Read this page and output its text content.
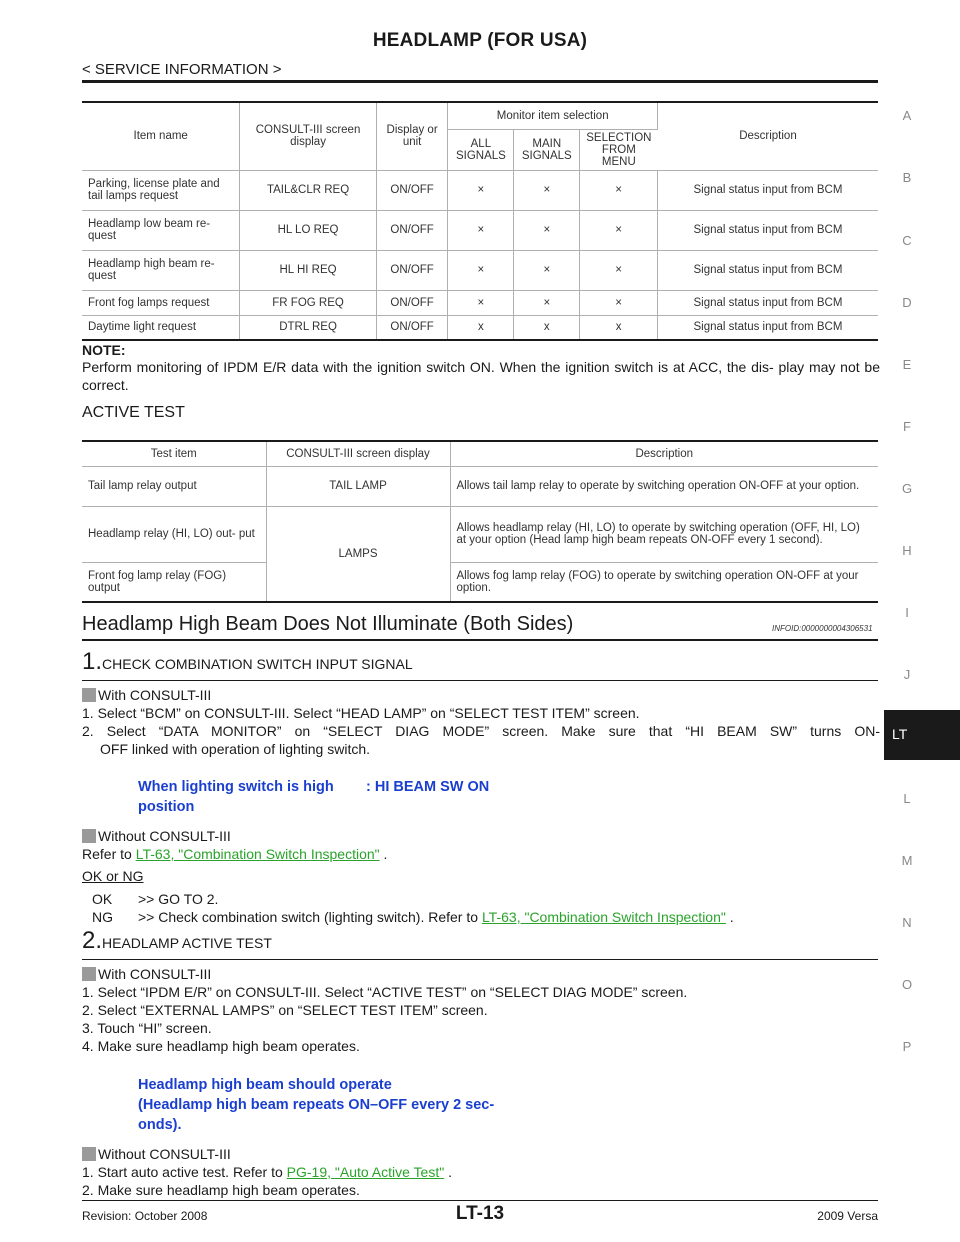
HEADLAMP (FOR USA)
< SERVICE INFORMATION >
A
B
C
D
E
F
G
H
I
J
LT
L
M
N
O
P
Item name	CONSULT-III screen display	Display or unit	Monitor item selection			Description
			ALL SIGNALS	MAIN SIGNALS	SELECTION FROM MENU	
Parking, license plate and tail lamps request	TAIL&CLR REQ	ON/OFF	×	×	×	Signal status input from BCM
Headlamp low beam re- quest	HL LO REQ	ON/OFF	×	×	×	Signal status input from BCM
Headlamp high beam re- quest	HL HI REQ	ON/OFF	×	×	×	Signal status input from BCM
Front fog lamps request	FR FOG REQ	ON/OFF	×	×	×	Signal status input from BCM
Daytime light request	DTRL REQ	ON/OFF	x	x	x	Signal status input from BCM
NOTE:
Perform monitoring of IPDM E/R data with the ignition switch ON. When the ignition switch is at ACC, the dis- play may not be correct.
ACTIVE TEST
Test item	CONSULT-III screen display	Description
Tail lamp relay output	TAIL LAMP	Allows tail lamp relay to operate by switching operation ON-OFF at your option.
Headlamp relay (HI, LO) out- put	LAMPS	Allows headlamp relay (HI, LO) to operate by switching operation (OFF, HI, LO) at your option (Head lamp high beam repeats ON-OFF every 1 second).
Front fog lamp relay (FOG) output		Allows fog lamp relay (FOG) to operate by switching operation ON-OFF at your option.
Headlamp High Beam Does Not Illuminate (Both Sides)	INFOID:0000000004306531
1.CHECK COMBINATION SWITCH INPUT SIGNAL
With CONSULT-III
1. Select “BCM” on CONSULT-III. Select “HEAD LAMP” on “SELECT TEST ITEM” screen.
2. Select “DATA MONITOR” on “SELECT DIAG MODE” screen. Make sure that “HI BEAM SW” turns ON-
OFF linked with operation of lighting switch.
When lighting switch is high
position
: HI BEAM SW ON
Without CONSULT-III
Refer to LT-63, "Combination Switch Inspection" .
OK or NG
OK >> GO TO 2.
NG >> Check combination switch (lighting switch). Refer to LT-63, "Combination Switch Inspection" .
2.HEADLAMP ACTIVE TEST
With CONSULT-III
1. Select “IPDM E/R” on CONSULT-III. Select “ACTIVE TEST” on “SELECT DIAG MODE” screen.
2. Select “EXTERNAL LAMPS” on “SELECT TEST ITEM” screen.
3. Touch “HI” screen.
4. Make sure headlamp high beam operates.
Headlamp high beam should operate
(Headlamp high beam repeats ON–OFF every 2 sec-
onds).
Without CONSULT-III
1. Start auto active test. Refer to PG-19, "Auto Active Test" .
2. Make sure headlamp high beam operates.
Revision: October 2008	LT-13	2009 Versa
